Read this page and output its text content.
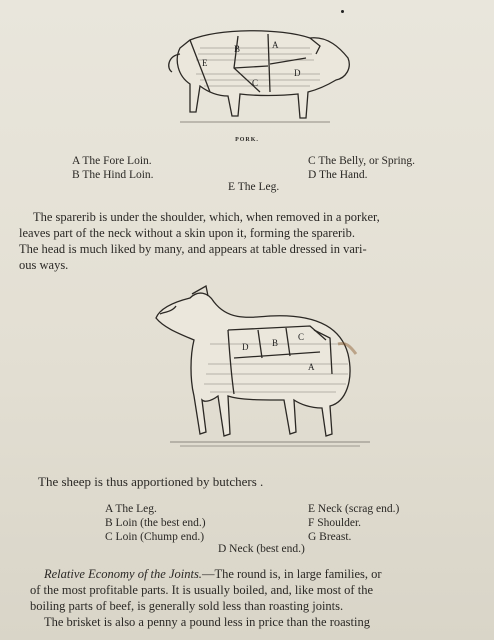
E
B	A
C
D
PORK.
A The Fore Loin.
B The Hind Loin.
C The Belly, or Spring.
D The Hand.
E The Leg.
The sparerib is under the shoulder, which, when removed in a porker,
leaves part of the neck without a skin upon it, forming the sparerib.
The head is much liked by many, and appears at table dressed in vari-
ous ways.
D	B
C
A
The sheep is thus apportioned by butchers .
A The Leg.
B Loin (the best end.)
C Loin (Chump end.)
E Neck (scrag end.)
F Shoulder.
G Breast.
D Neck (best end.)
Relative Economy of the Joints.—The round is, in large families, or
of the most profitable parts. It is usually boiled, and, like most of the
boiling parts of beef, is generally sold less than roasting joints.
The brisket is also a penny a pound less in price than the roasting
